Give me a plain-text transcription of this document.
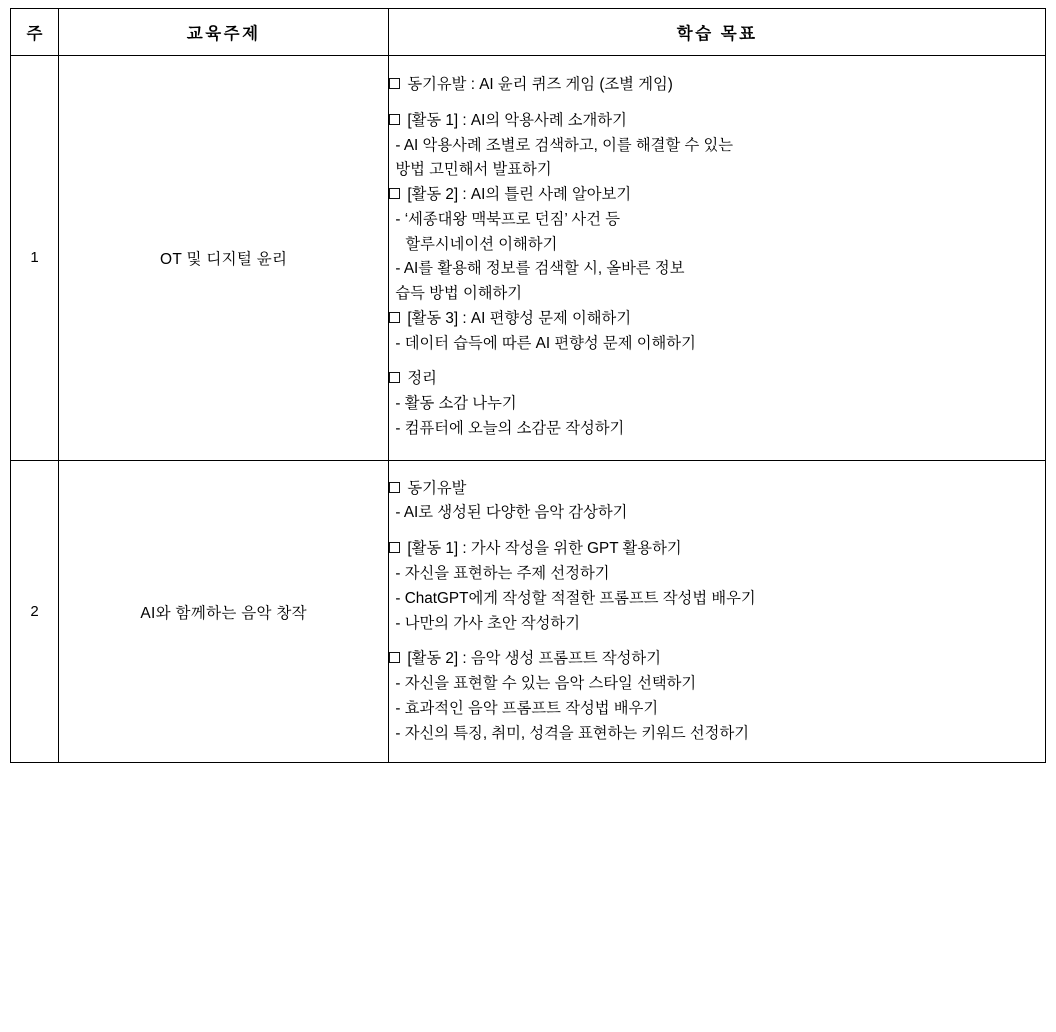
주	교육주제	학습 목표
1	OT 및 디지털 윤리	
동기유발 : AI 윤리 퀴즈 게임 (조별 게임)

[활동 1] : AI의 악용사례 소개하기
- AI 악용사례 조별로 검색하고, 이를 해결할 수 있는
방법 고민해서 발표하기
[활동 2] : AI의 틀린 사례 알아보기
- ‘세종대왕 맥북프로 던짐’ 사건 등
할루시네이션 이해하기
- AI를 활용해 정보를 검색할 시, 올바른 정보
습득 방법 이해하기
[활동 3] : AI 편향성 문제 이해하기
- 데이터 습득에 따른 AI 편향성 문제 이해하기

정리
- 활동 소감 나누기
- 컴퓨터에 오늘의 소감문 작성하기

2	AI와 함께하는 음악 창작	
동기유발
- AI로 생성된 다양한 음악 감상하기

[활동 1] : 가사 작성을 위한 GPT 활용하기
- 자신을 표현하는 주제 선정하기
- ChatGPT에게 작성할 적절한 프롬프트 작성법 배우기
- 나만의 가사 초안 작성하기

[활동 2] : 음악 생성 프롬프트 작성하기
- 자신을 표현할 수 있는 음악 스타일 선택하기
- 효과적인 음악 프롬프트 작성법 배우기
- 자신의 특징, 취미, 성격을 표현하는 키워드 선정하기
